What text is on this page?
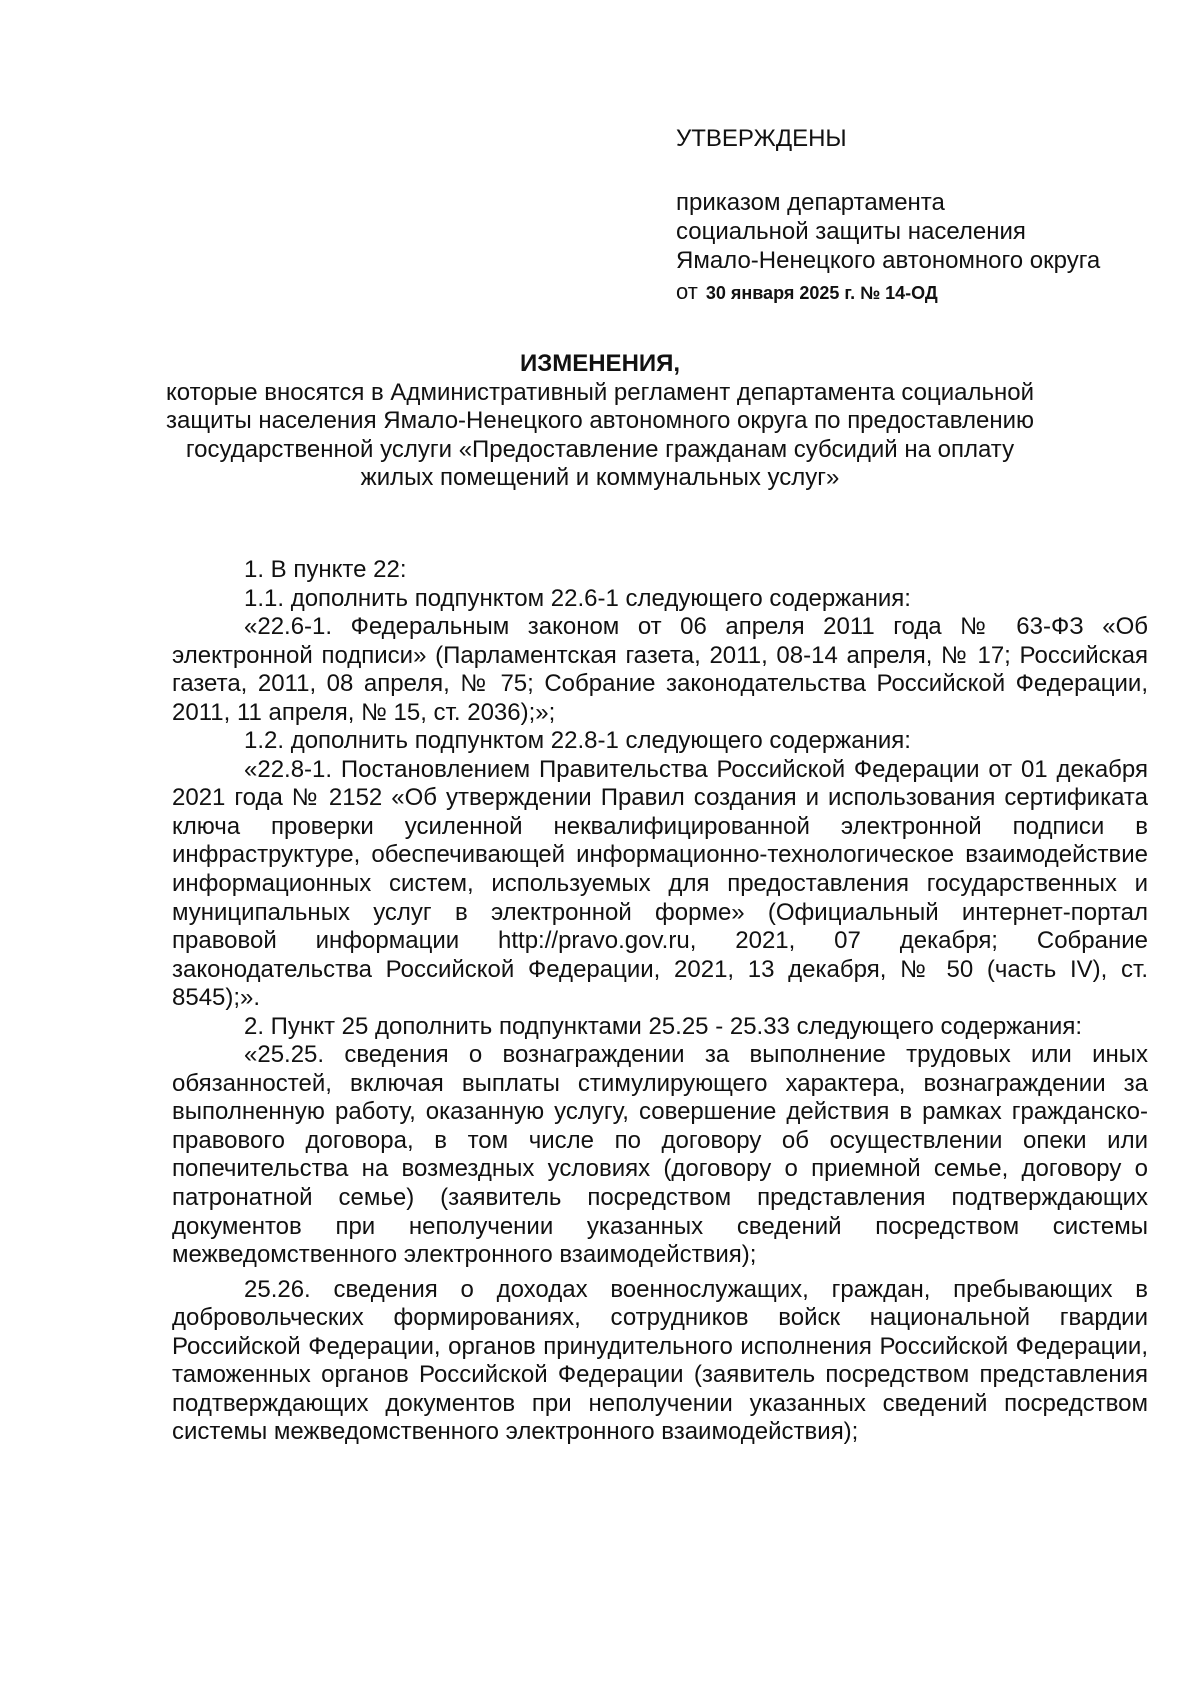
УТВЕРЖДЕНЫ
приказом департамента
социальной защиты населения
Ямало-Ненецкого автономного округа
от 30 января 2025 г. № 14-ОД
ИЗМЕНЕНИЯ,
которые вносятся в Административный регламент департамента социальной
защиты населения Ямало-Ненецкого автономного округа по предоставлению
государственной услуги «Предоставление гражданам субсидий на оплату
жилых помещений и коммунальных услуг»

1. В пункте 22:

1.1. дополнить подпунктом 22.6-1 следующего содержания:

«22.6-1. Федеральным законом от 06 апреля 2011 года № 63-ФЗ «Об электронной подписи» (Парламентская газета, 2011, 08-14 апреля, № 17; Российская газета, 2011, 08 апреля, № 75; Собрание законодательства Российской Федерации, 2011, 11 апреля, № 15, ст. 2036);»;

1.2. дополнить подпунктом 22.8-1 следующего содержания:

«22.8-1. Постановлением Правительства Российской Федерации от 01 декабря 2021 года № 2152 «Об утверждении Правил создания и использования сертификата ключа проверки усиленной неквалифицированной электронной подписи в инфраструктуре, обеспечивающей информационно-технологическое взаимодействие информационных систем, используемых для предоставления государственных и муниципальных услуг в электронной форме» (Официальный интернет-портал правовой информации http://pravo.gov.ru, 2021, 07 декабря; Собрание законодательства Российской Федерации, 2021, 13 декабря, № 50 (часть IV), ст. 8545);».

2. Пункт 25 дополнить подпунктами 25.25 - 25.33 следующего содержания:

«25.25. сведения о вознаграждении за выполнение трудовых или иных обязанностей, включая выплаты стимулирующего характера, вознаграждении за выполненную работу, оказанную услугу, совершение действия в рамках гражданско-правового договора, в том числе по договору об осуществлении опеки или попечительства на возмездных условиях (договору о приемной семье, договору о патронатной семье) (заявитель посредством представления подтверждающих документов при неполучении указанных сведений посредством системы межведомственного электронного взаимодействия);

25.26. сведения о доходах военнослужащих, граждан, пребывающих в добровольческих формированиях, сотрудников войск национальной гвардии Российской Федерации, органов принудительного исполнения Российской Федерации, таможенных органов Российской Федерации (заявитель посредством представления подтверждающих документов при неполучении указанных сведений посредством системы межведомственного электронного взаимодействия);
